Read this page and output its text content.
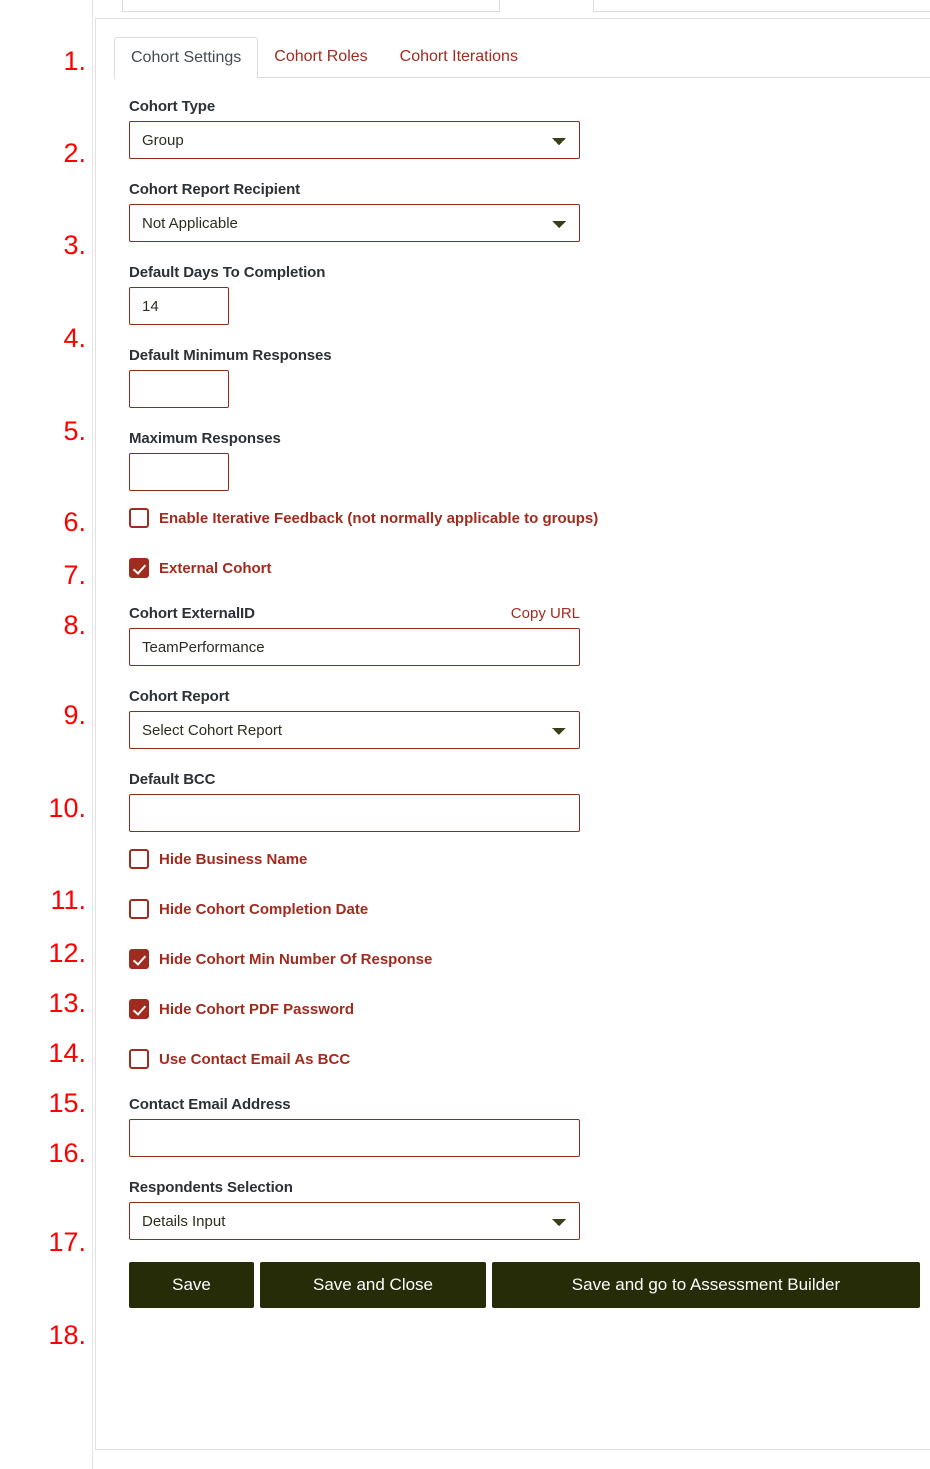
1.
2.
3.
4.
5.
6.
7.
8.
9.
10.
11.
12.
13.
14.
15.
16.
17.
18.
Cohort Settings	Cohort Roles	Cohort Iterations
Cohort Type
Group
Cohort Report Recipient
Not Applicable
Default Days To Completion
14
Default Minimum Responses
Maximum Responses
Enable Iterative Feedback (not normally applicable to groups)
External Cohort
Cohort ExternalID	Copy URL
TeamPerformance
Cohort Report
Select Cohort Report
Default BCC
Hide Business Name
Hide Cohort Completion Date
Hide Cohort Min Number Of Response
Hide Cohort PDF Password
Use Contact Email As BCC
Contact Email Address
Respondents Selection
Details Input
Save	Save and Close	Save and go to Assessment Builder
